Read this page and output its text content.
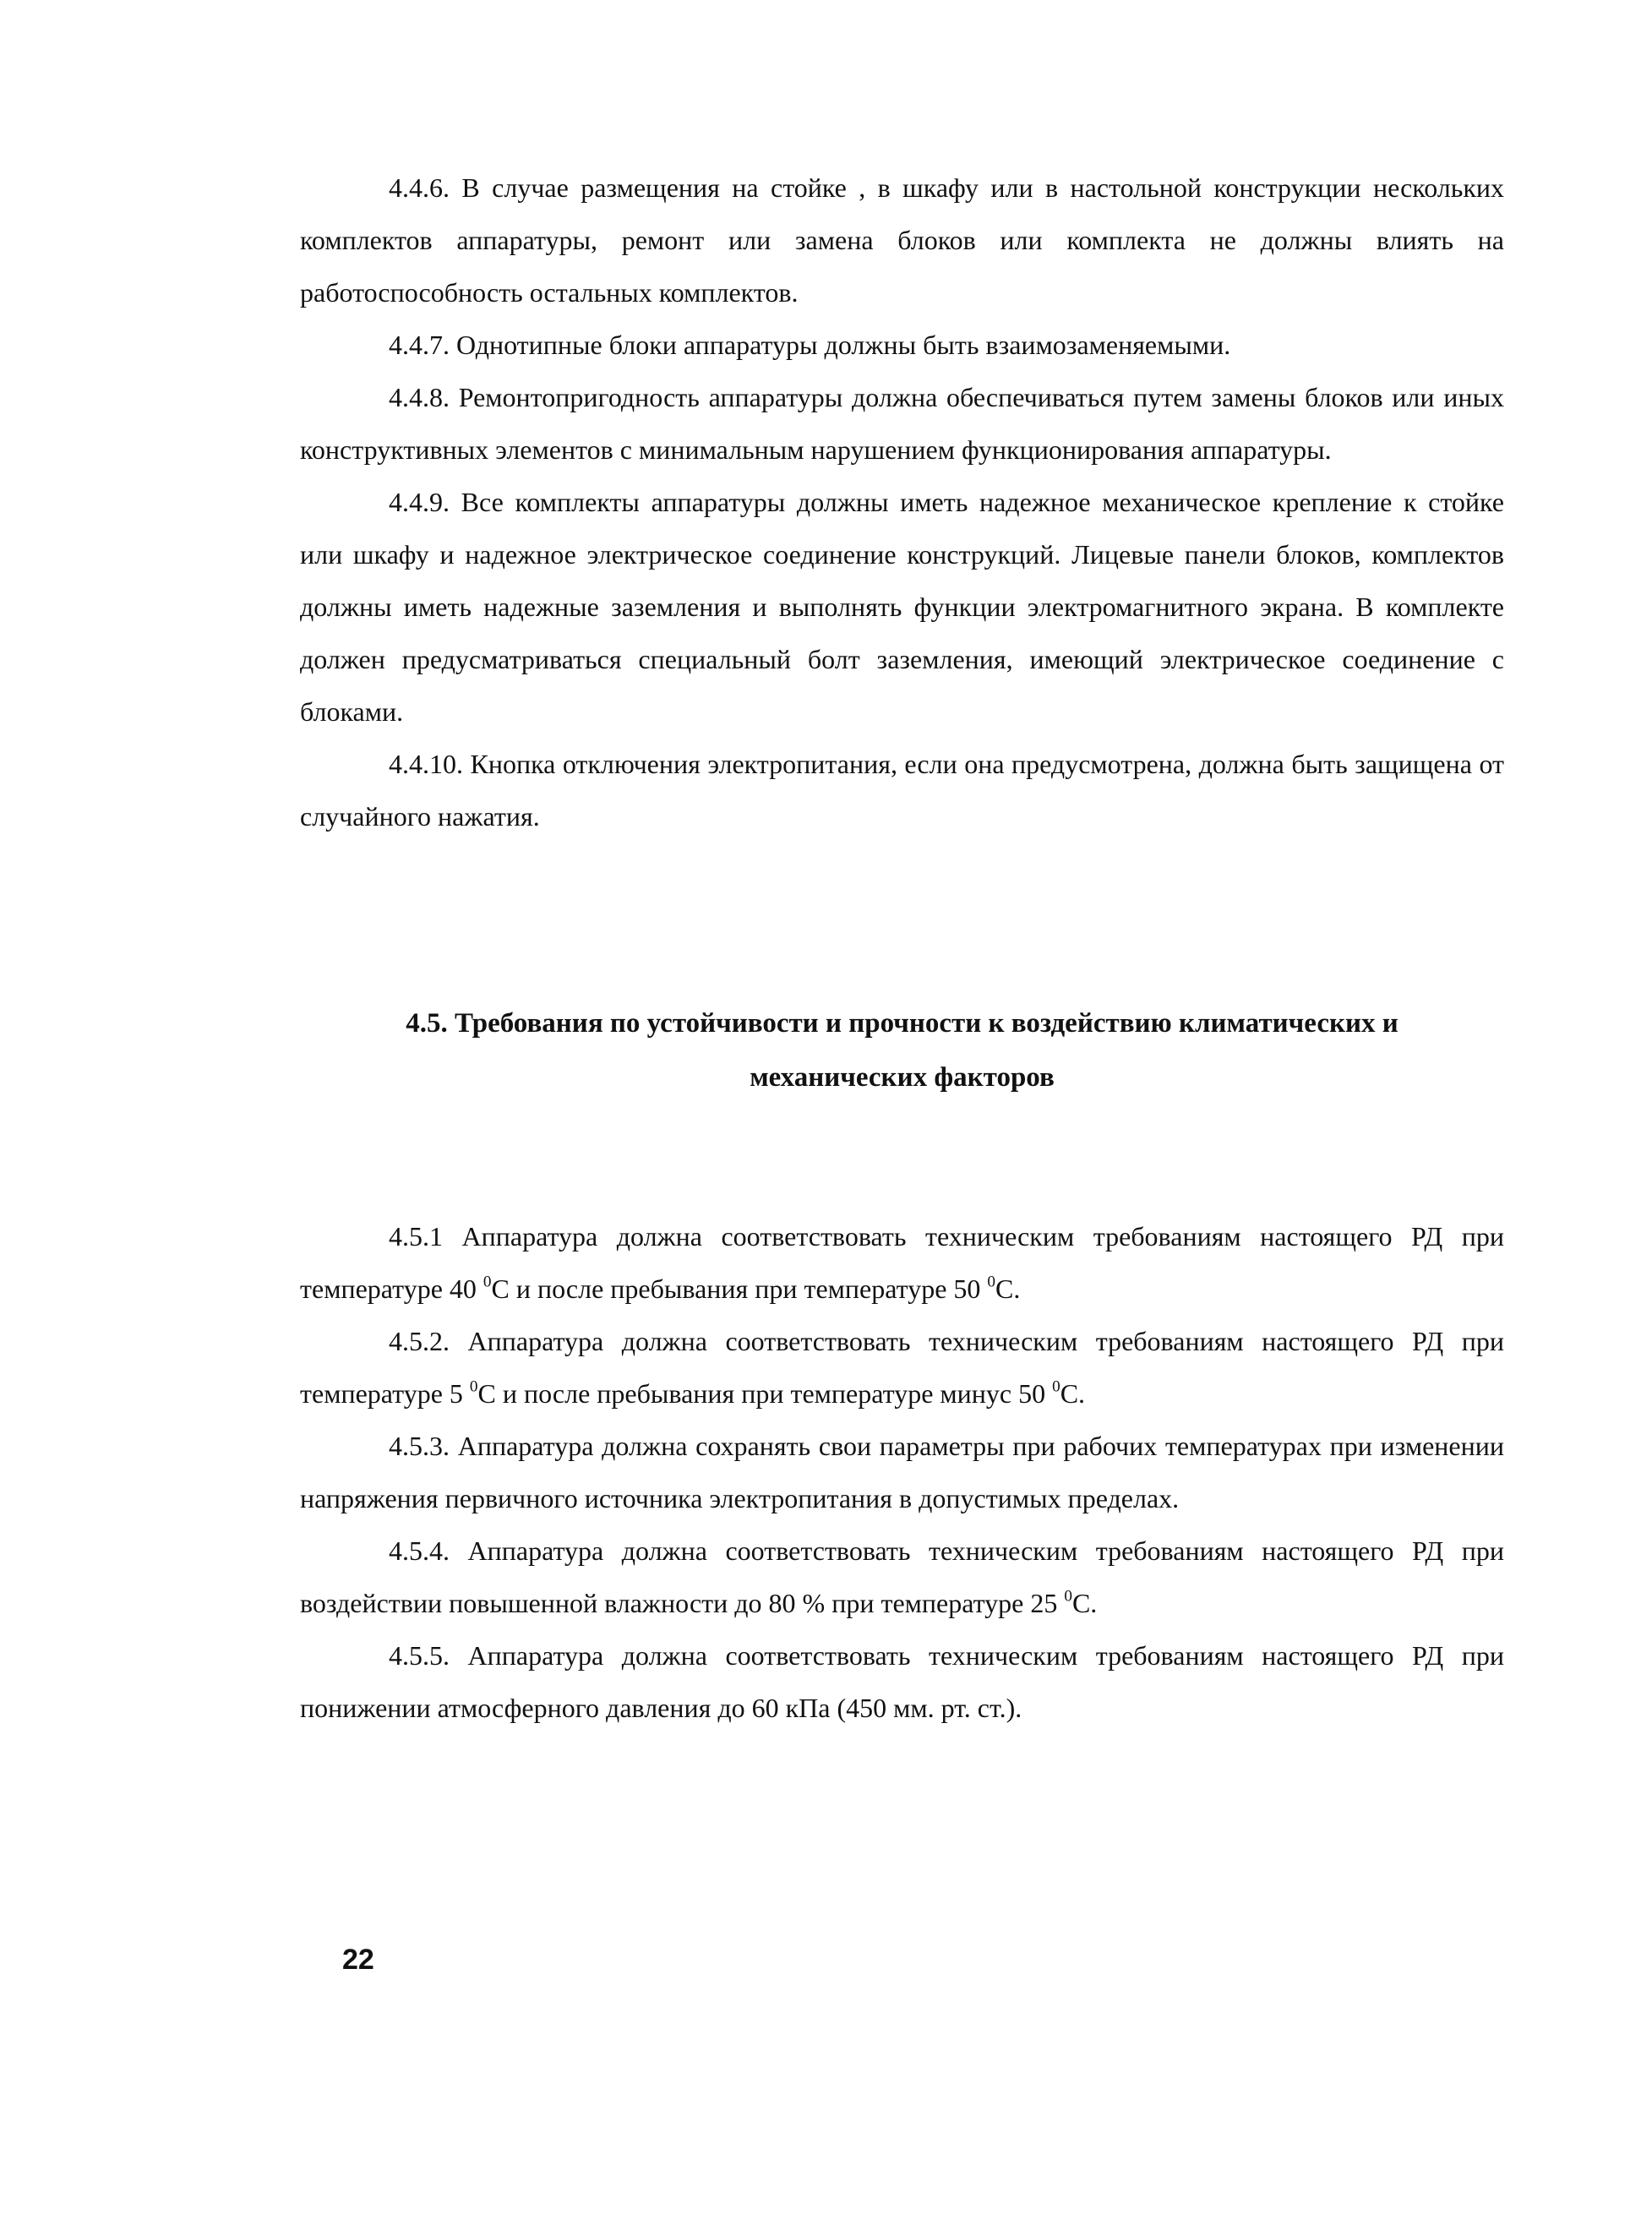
4.4.6. В случае размещения на стойке , в шкафу или в настольной конструкции нескольких комплектов аппаратуры, ремонт или замена блоков или комплекта не должны влиять на работоспособность остальных комплектов.

4.4.7. Однотипные блоки аппаратуры должны быть взаимозаменяемыми.

4.4.8. Ремонтопригодность аппаратуры должна обеспечиваться путем замены блоков или иных конструктивных элементов с минимальным нарушением функционирования аппаратуры.

4.4.9. Все комплекты аппаратуры должны иметь надежное механическое крепление к стойке или шкафу и надежное электрическое соединение конструкций. Лицевые панели блоков, комплектов должны иметь надежные заземления и выполнять функции электромагнитного экрана. В комплекте должен предусматриваться специальный болт заземления, имеющий электрическое соединение с блоками.

4.4.10. Кнопка отключения электропитания, если она предусмотрена, должна быть защищена от случайного нажатия.

4.5. Требования по устойчивости и прочности к воздействию климатических и
механических факторов

4.5.1 Аппаратура должна соответствовать техническим требованиям настоящего РД при температуре 40 $^0$С и после пребывания при температуре 50 $^0$С.

4.5.2. Аппаратура должна соответствовать техническим требованиям настоящего РД при температуре 5 $^0$С и после пребывания при температуре минус 50 $^0$С.

4.5.3. Аппаратура должна сохранять свои параметры при рабочих температурах при изменении напряжения первичного источника электропитания в допустимых пределах.

4.5.4. Аппаратура должна соответствовать техническим требованиям настоящего РД при воздействии повышенной влажности до 80 % при температуре 25 $^0$С.

4.5.5. Аппаратура должна соответствовать техническим требованиям настоящего РД при понижении атмосферного давления до 60 кПа (450 мм. рт. ст.).

22
